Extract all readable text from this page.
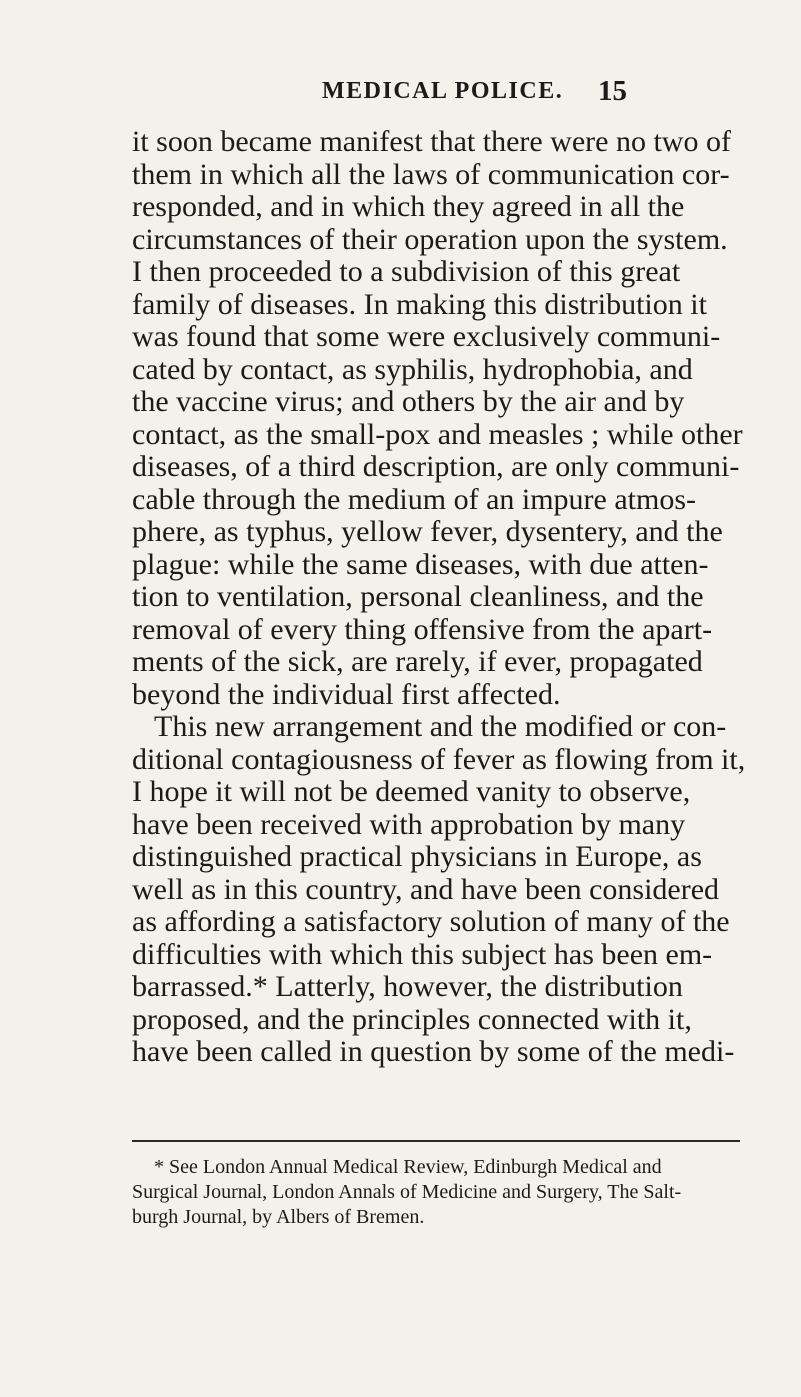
MEDICAL POLICE. 15
it soon became manifest that there were no two of
them in which all the laws of communication cor-
responded, and in which they agreed in all the
circumstances of their operation upon the system.
I then proceeded to a subdivision of this great
family of diseases. In making this distribution it
was found that some were exclusively communi-
cated by contact, as syphilis, hydrophobia, and
the vaccine virus; and others by the air and by
contact, as the small-pox and measles ; while other
diseases, of a third description, are only communi-
cable through the medium of an impure atmos-
phere, as typhus, yellow fever, dysentery, and the
plague: while the same diseases, with due atten-
tion to ventilation, personal cleanliness, and the
removal of every thing offensive from the apart-
ments of the sick, are rarely, if ever, propagated
beyond the individual first affected.
This new arrangement and the modified or con-
ditional contagiousness of fever as flowing from it,
I hope it will not be deemed vanity to observe,
have been received with approbation by many
distinguished practical physicians in Europe, as
well as in this country, and have been considered
as affording a satisfactory solution of many of the
difficulties with which this subject has been em-
barrassed.* Latterly, however, the distribution
proposed, and the principles connected with it,
have been called in question by some of the medi-
* See London Annual Medical Review, Edinburgh Medical and
Surgical Journal, London Annals of Medicine and Surgery, The Salt-
burgh Journal, by Albers of Bremen.
